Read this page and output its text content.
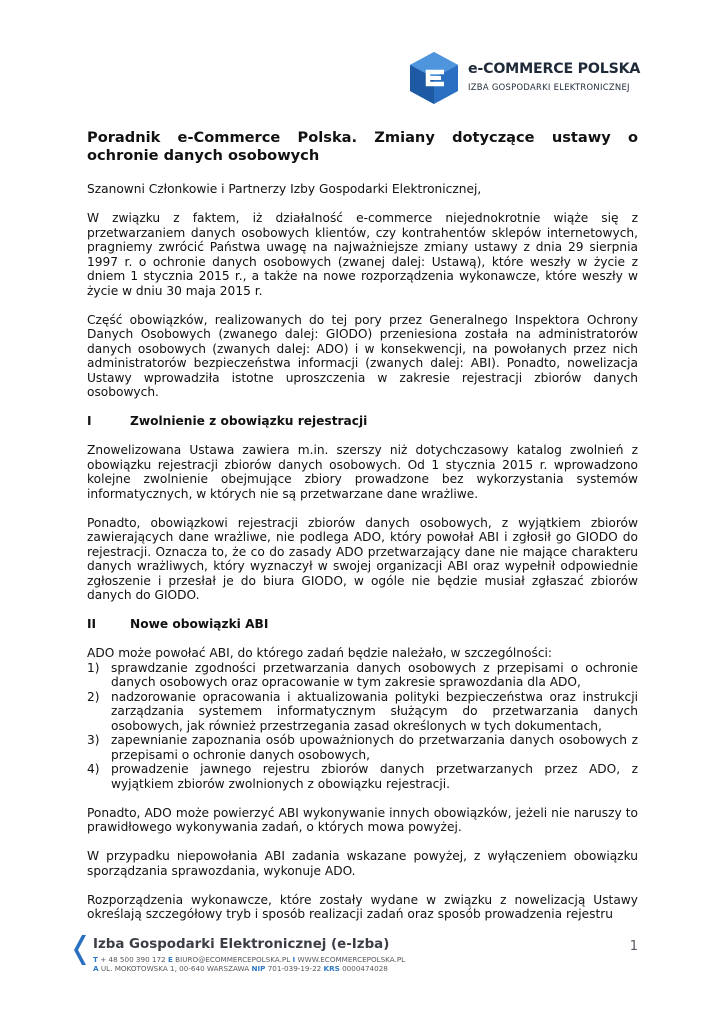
e-COMMERCE POLSKA

IZBA GOSPODARKI ELEKTRONICZNEJ

Poradnik e-Commerce Polska. Zmiany dotyczące ustawy o ochronie danych osobowych

Szanowni Członkowie i Partnerzy Izby Gospodarki Elektronicznej,

W związku z faktem, iż działalność e-commerce niejednokrotnie wiąże się z przetwarzaniem danych osobowych klientów, czy kontrahentów sklepów internetowych, pragniemy zwrócić Państwa uwagę na najważniejsze zmiany ustawy z dnia 29 sierpnia 1997 r. o ochronie danych osobowych (zwanej dalej: Ustawą), które weszły w życie z dniem 1 stycznia 2015 r., a także na nowe rozporządzenia wykonawcze, które weszły w życie w dniu 30 maja 2015 r.

Część obowiązków, realizowanych do tej pory przez Generalnego Inspektora Ochrony Danych Osobowych (zwanego dalej: GIODO) przeniesiona została na administratorów danych osobowych (zwanych dalej: ADO) i w konsekwencji, na powołanych przez nich administratorów bezpieczeństwa informacji (zwanych dalej: ABI). Ponadto, nowelizacja Ustawy wprowadziła istotne uproszczenia w zakresie rejestracji zbiorów danych osobowych.

I	Zwolnienie z obowiązku rejestracji

Znowelizowana Ustawa zawiera m.in. szerszy niż dotychczasowy katalog zwolnień z obowiązku rejestracji zbiorów danych osobowych. Od 1 stycznia 2015 r. wprowadzono kolejne zwolnienie obejmujące zbiory prowadzone bez wykorzystania systemów informatycznych, w których nie są przetwarzane dane wrażliwe.

Ponadto, obowiązkowi rejestracji zbiorów danych osobowych, z wyjątkiem zbiorów zawierających dane wrażliwe, nie podlega ADO, który powołał ABI i zgłosił go GIODO do rejestracji. Oznacza to, że co do zasady ADO przetwarzający dane nie mające charakteru danych wrażliwych, który wyznaczył w swojej organizacji ABI oraz wypełnił odpowiednie zgłoszenie i przesłał je do biura GIODO, w ogóle nie będzie musiał zgłaszać zbiorów danych do GIODO.

II	Nowe obowiązki ABI

ADO może powołać ABI, do którego zadań będzie należało, w szczególności:

1) sprawdzanie zgodności przetwarzania danych osobowych z przepisami o ochronie danych osobowych oraz opracowanie w tym zakresie sprawozdania dla ADO,
2) nadzorowanie opracowania i aktualizowania polityki bezpieczeństwa oraz instrukcji zarządzania systemem informatycznym służącym do przetwarzania danych osobowych, jak również przestrzegania zasad określonych w tych dokumentach,
3) zapewnianie zapoznania osób upoważnionych do przetwarzania danych osobowych z przepisami o ochronie danych osobowych,
4) prowadzenie jawnego rejestru zbiorów danych przetwarzanych przez ADO, z wyjątkiem zbiorów zwolnionych z obowiązku rejestracji.

Ponadto, ADO może powierzyć ABI wykonywanie innych obowiązków, jeżeli nie naruszy to prawidłowego wykonywania zadań, o których mowa powyżej.

W przypadku niepowołania ABI zadania wskazane powyżej, z wyłączeniem obowiązku sporządzania sprawozdania, wykonuje ADO.

Rozporządzenia wykonawcze, które zostały wydane w związku z nowelizacją Ustawy określają szczegółowy tryb i sposób realizacji zadań oraz sposób prowadzenia rejestru

Izba Gospodarki Elektronicznej (e-Izba)

T + 48 500 390 172 E BIURO@ECOMMERCEPOLSKA.PL I WWW.ECOMMERCEPOLSKA.PL

A UL. MOKOTOWSKA 1, 00-640 WARSZAWA NIP 701-039-19-22 KRS 0000474028

1
